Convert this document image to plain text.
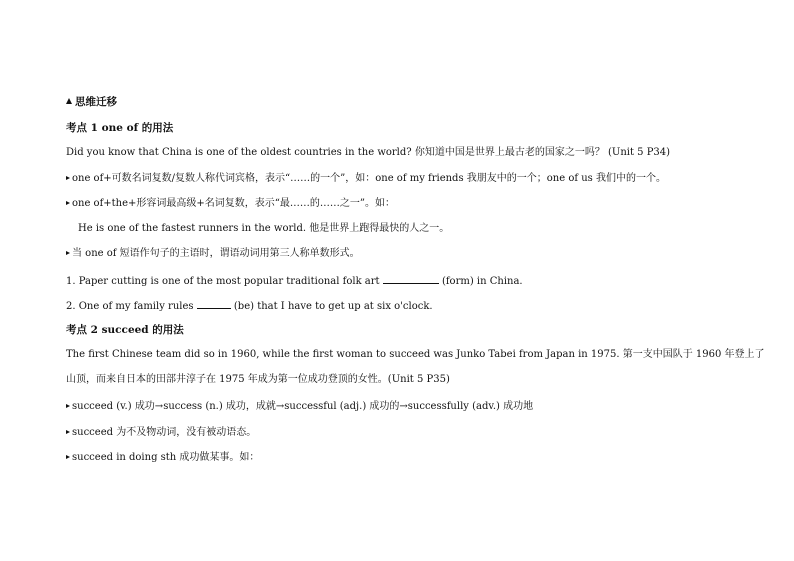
思维迁移
考点 1 one of 的用法
Did you know that China is one of the oldest countries in the world? 你知道中国是世界上最古老的国家之一吗？ (Unit 5 P34)
one of+可数名词复数/复数人称代词宾格，表示“……的一个”，如：one of my friends 我朋友中的一个；one of us 我们中的一个。
one of+the+形容词最高级+名词复数，表示“最……的……之一”。如：
He is one of the fastest runners in the world. 他是世界上跑得最快的人之一。
当 one of 短语作句子的主语时，谓语动词用第三人称单数形式。
1. Paper cutting is one of the most popular traditional folk art	(form) in China.
2. One of my family rules	(be) that I have to get up at six o'clock.
考点 2 succeed 的用法
The first Chinese team did so in 1960, while the first woman to succeed was Junko Tabei from Japan in 1975. 第一支中国队于 1960 年登上了
山顶，而来自日本的田部井淳子在 1975 年成为第一位成功登顶的女性。(Unit 5 P35)
succeed (v.) 成功→success (n.) 成功，成就→successful (adj.) 成功的→successfully (adv.) 成功地
succeed 为不及物动词，没有被动语态。
succeed in doing sth 成功做某事。如：
